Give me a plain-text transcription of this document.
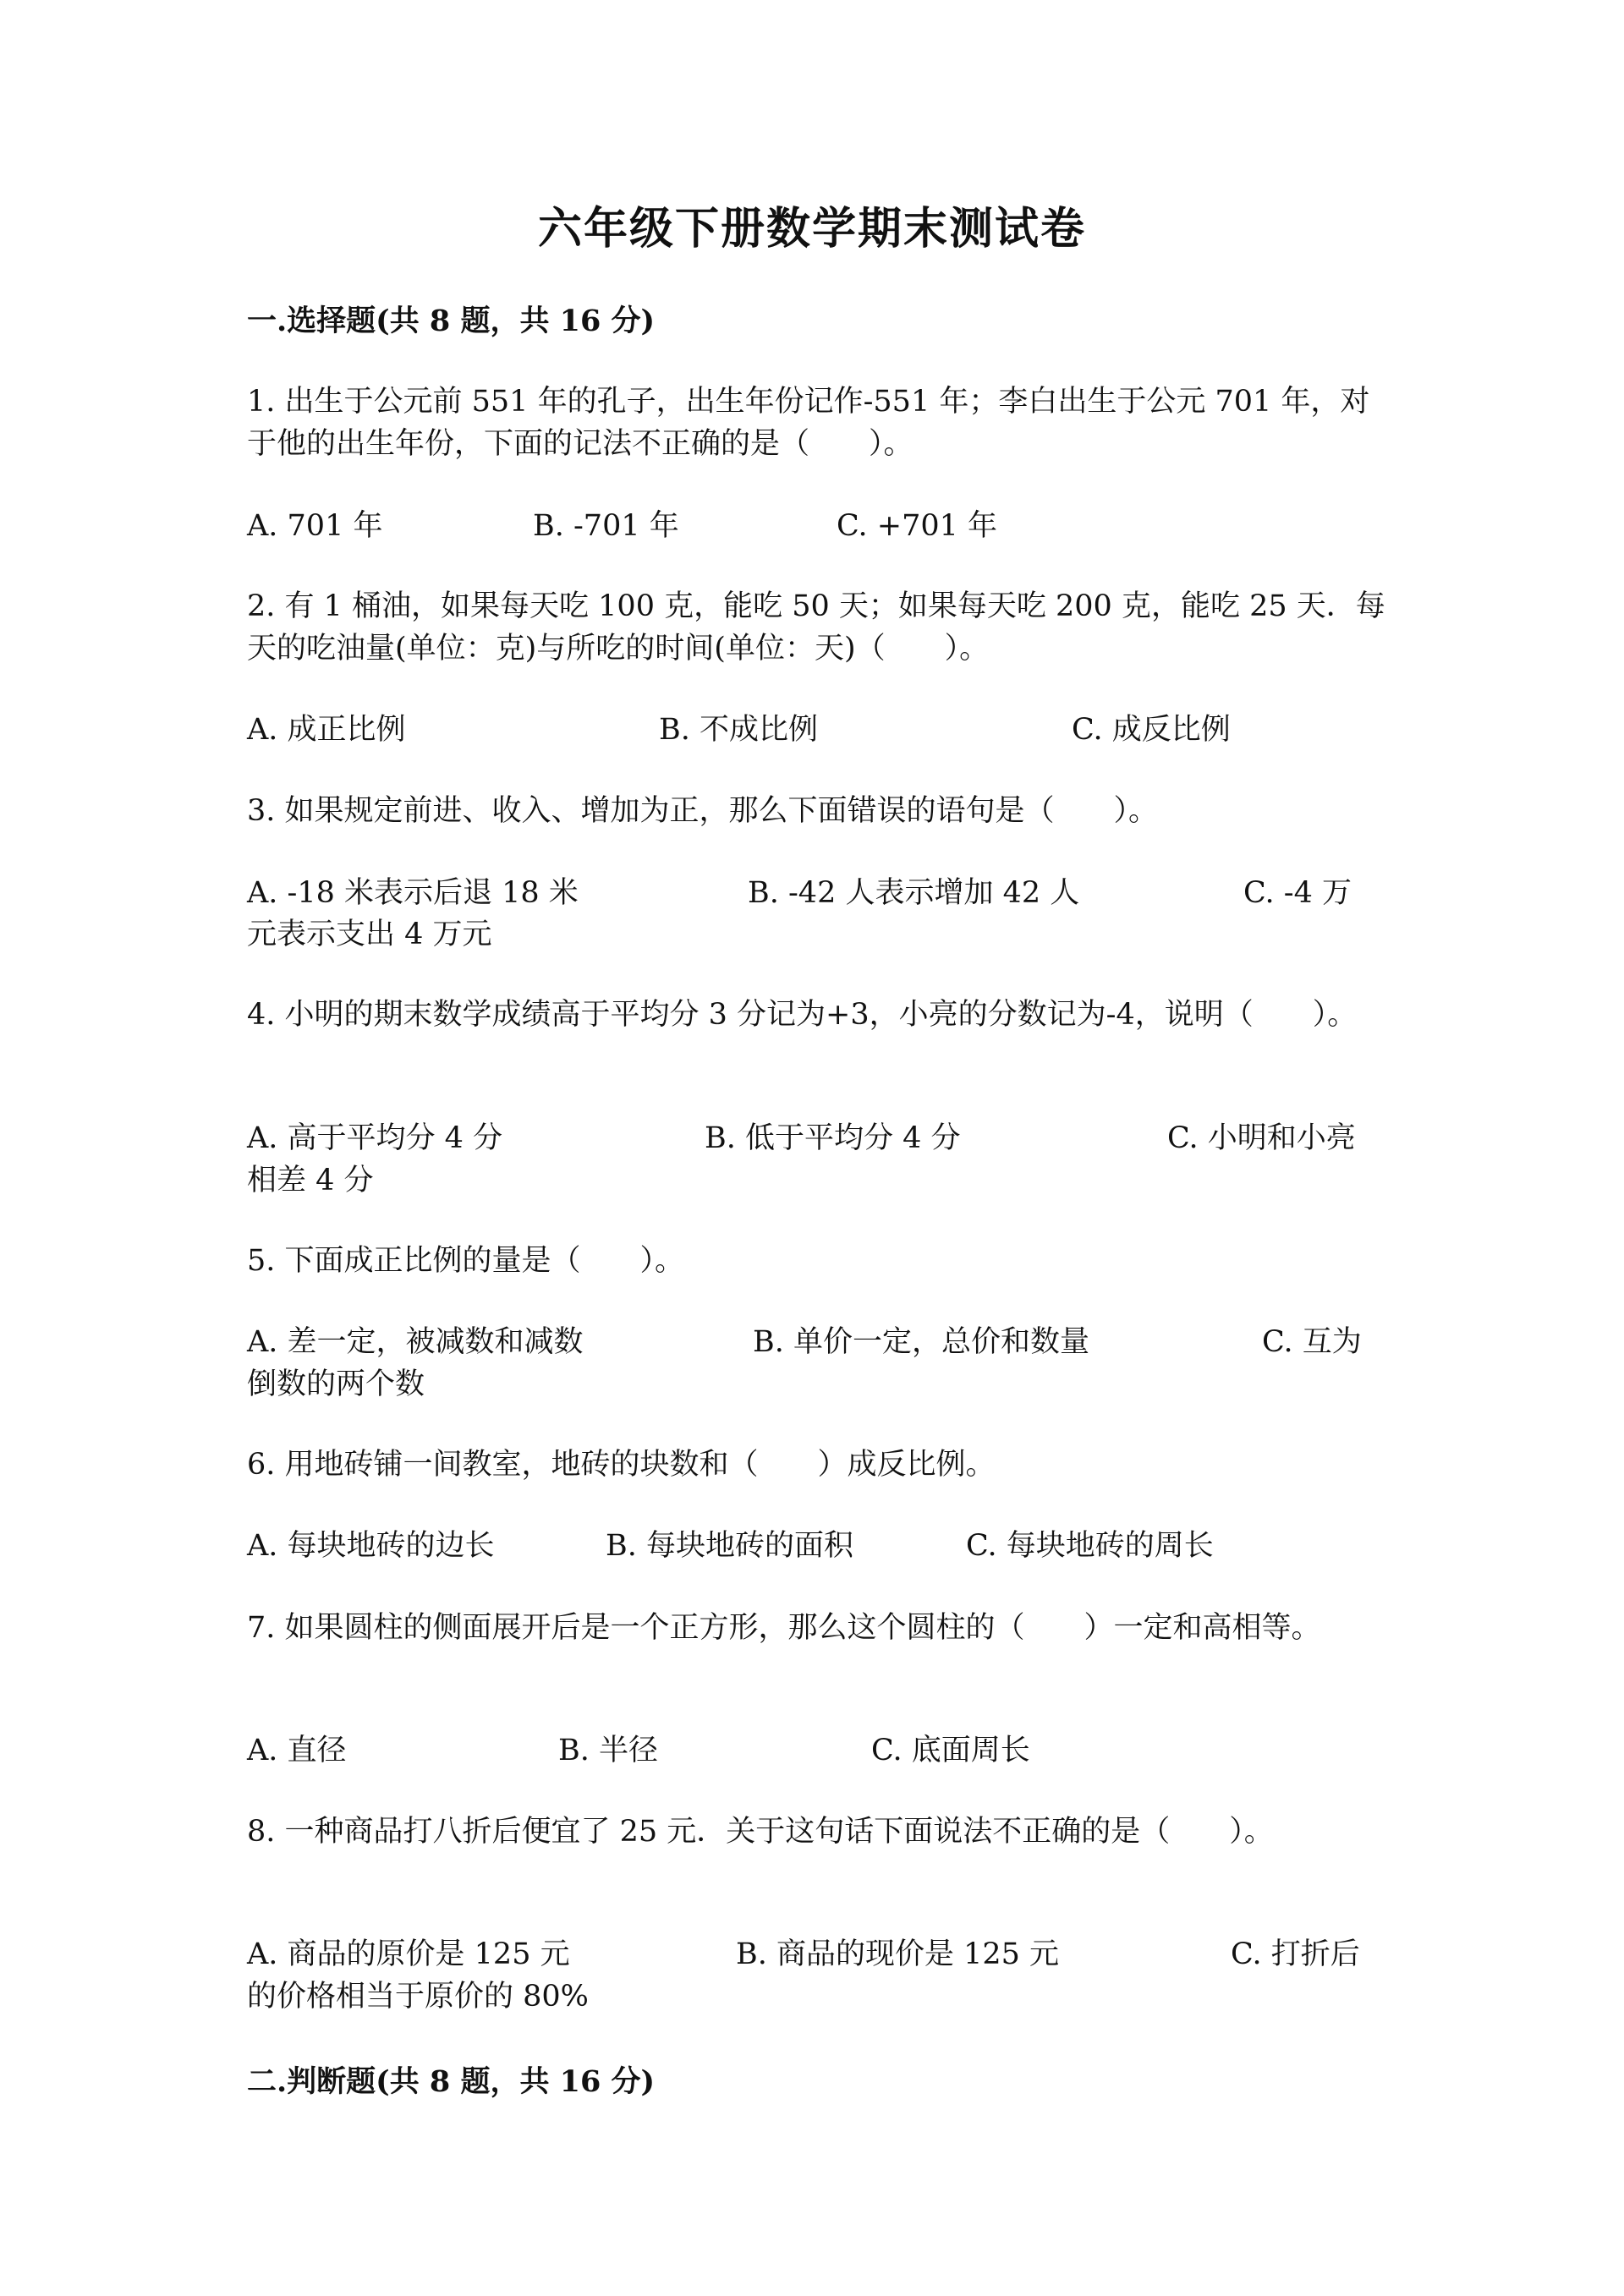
六年级下册数学期末测试卷

一.选择题(共 8 题，共 16 分)

1. 出生于公元前 551 年的孔子，出生年份记作-551 年；李白出生于公元 701 年，对于他的出生年份，下面的记法不正确的是（　　）。

A. 701 年	B. -701 年	C. +701 年

2. 有 1 桶油，如果每天吃 100 克，能吃 50 天；如果每天吃 200 克，能吃 25 天．每天的吃油量(单位：克)与所吃的时间(单位：天)（　　）。

A. 成正比例	B. 不成比例	C. 成反比例

3. 如果规定前进、收入、增加为正，那么下面错误的语句是（　　）。

A. -18 米表示后退 18 米	B. -42 人表示增加 42 人	C. -4 万
元表示支出 4 万元

4. 小明的期末数学成绩高于平均分 3 分记为+3，小亮的分数记为-4，说明（　　）。

A. 高于平均分 4 分	B. 低于平均分 4 分	C. 小明和小亮
相差 4 分

5. 下面成正比例的量是（　　）。

A. 差一定，被减数和减数	B. 单价一定，总价和数量	C. 互为
倒数的两个数

6. 用地砖铺一间教室，地砖的块数和（　　）成反比例。

A. 每块地砖的边长	B. 每块地砖的面积	C. 每块地砖的周长

7. 如果圆柱的侧面展开后是一个正方形，那么这个圆柱的（　　）一定和高相等。

A. 直径	B. 半径	C. 底面周长

8. 一种商品打八折后便宜了 25 元．关于这句话下面说法不正确的是（　　）。

A. 商品的原价是 125 元	B. 商品的现价是 125 元	C. 打折后
的价格相当于原价的 80%

二.判断题(共 8 题，共 16 分)
